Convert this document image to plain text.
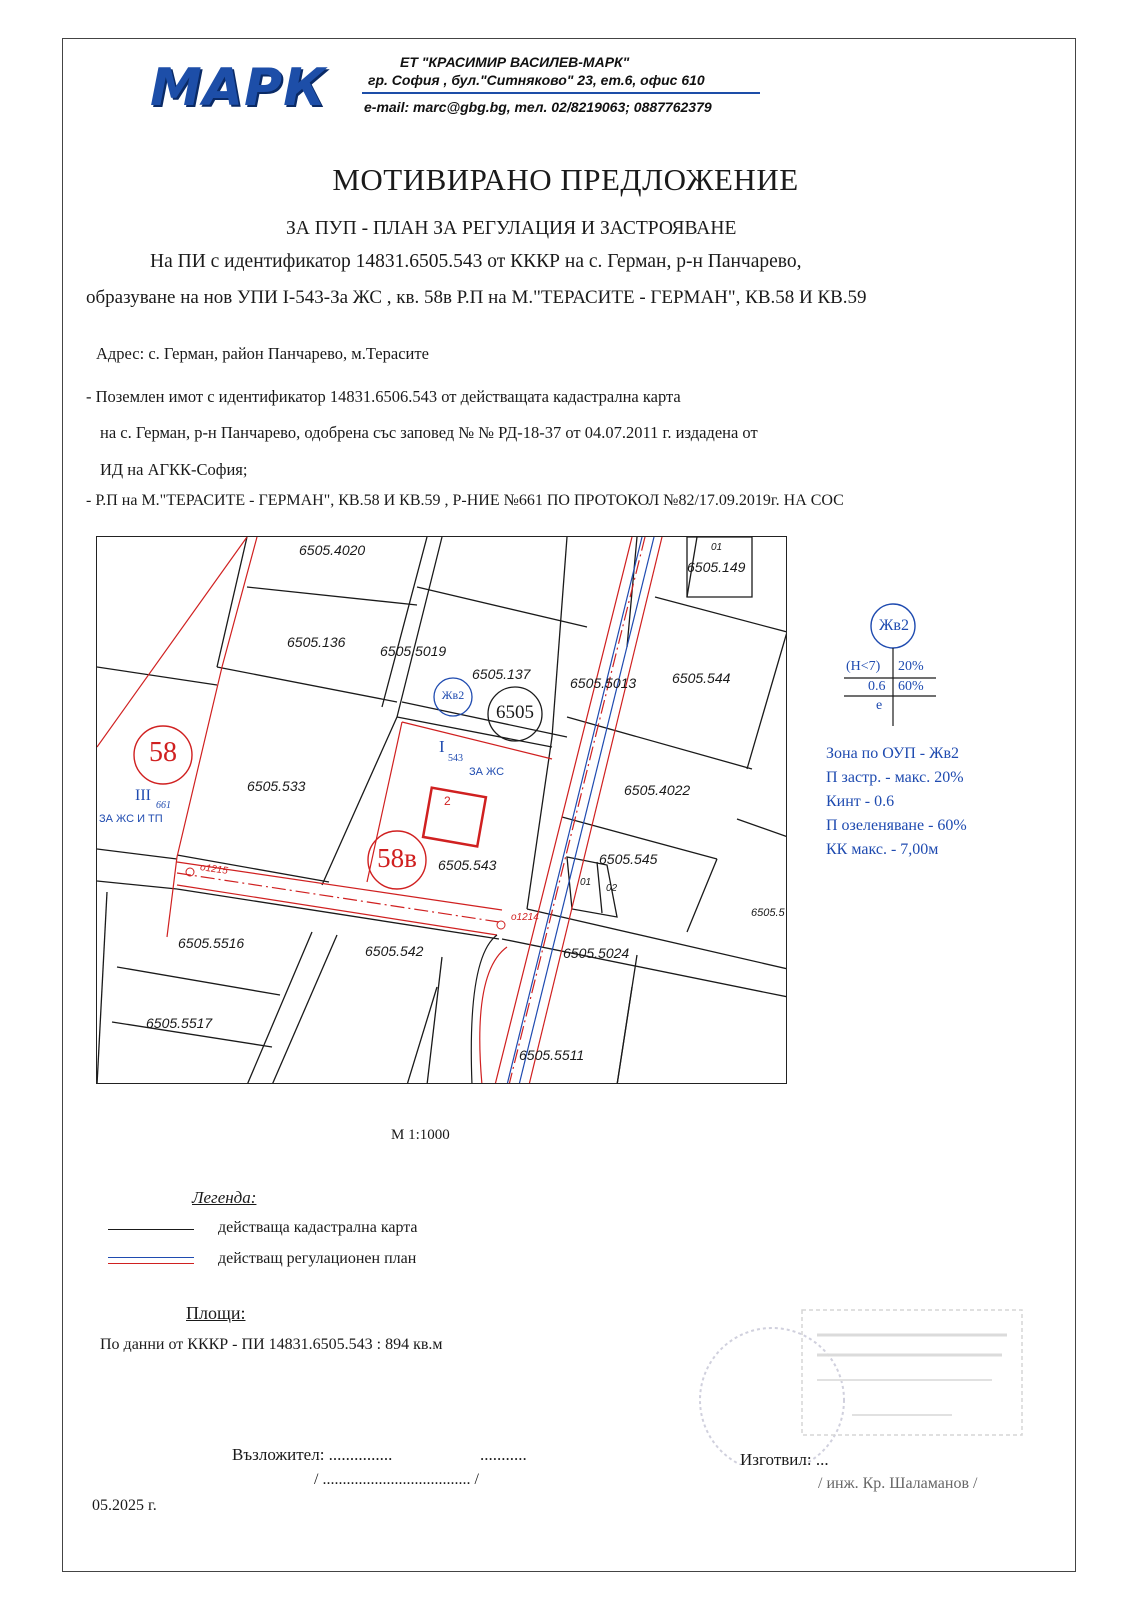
МАРК	ЕТ "КРАСИМИР ВАСИЛЕВ-МАРК"
гр. София , бул."Ситняково" 23, ет.6, офис 610
e-mail: marc@gbg.bg, тел. 02/8219063; 0887762379
МОТИВИРАНО ПРЕДЛОЖЕНИЕ
ЗА ПУП - ПЛАН ЗА РЕГУЛАЦИЯ И ЗАСТРОЯВАНЕ
На ПИ с идентификатор 14831.6505.543 от КККР на с. Герман, р-н Панчарево,
образуване на нов УПИ I-543-За ЖС , кв. 58в Р.П на М."ТЕРАСИТЕ - ГЕРМАН", КВ.58 И КВ.59
Адрес: с. Герман, район Панчарево, м.Терасите
- Поземлен имот с идентификатор 14831.6506.543 от действащата кадастрална карта
на с. Герман, р-н Панчарево, одобрена със заповед № № РД-18-37 от 04.07.2011 г. издадена от
ИД на АГКК-София;
- Р.П на М."ТЕРАСИТЕ - ГЕРМАН", КВ.58 И КВ.59 , Р-НИЕ №661 ПО ПРОТОКОЛ №82/17.09.2019г. НА СОС
6505.4020	01
6505.149
6505.136
6505.5019
6505.137
6505.5013	6505.544
6505.533	6505.4022
6505.543	6505.545
6505.5
6505.5516	6505.542	6505.5024
6505.5517
6505.5511
01
02
2
o1215
o1214
58
58в
Жв2
6505
III
661
ЗА ЖС И ТП
I
543
ЗА ЖС
Жв2
(H<7) 20%
0.6 60%
е
Зона по ОУП - Жв2
П застр. - макс. 20%
Кинт - 0.6
П озеленяване - 60%
КК макс. - 7,00м
М 1:1000
Легенда:
действаща кадастрална карта
действащ регулационен план
Площи:
По данни от КККР - ПИ 14831.6505.543 : 894 кв.м
Възложител: ...............	...........
/ ..................................... /
Изготвил: ...
/ инж. Кр. Шаламанов /
05.2025 г.
